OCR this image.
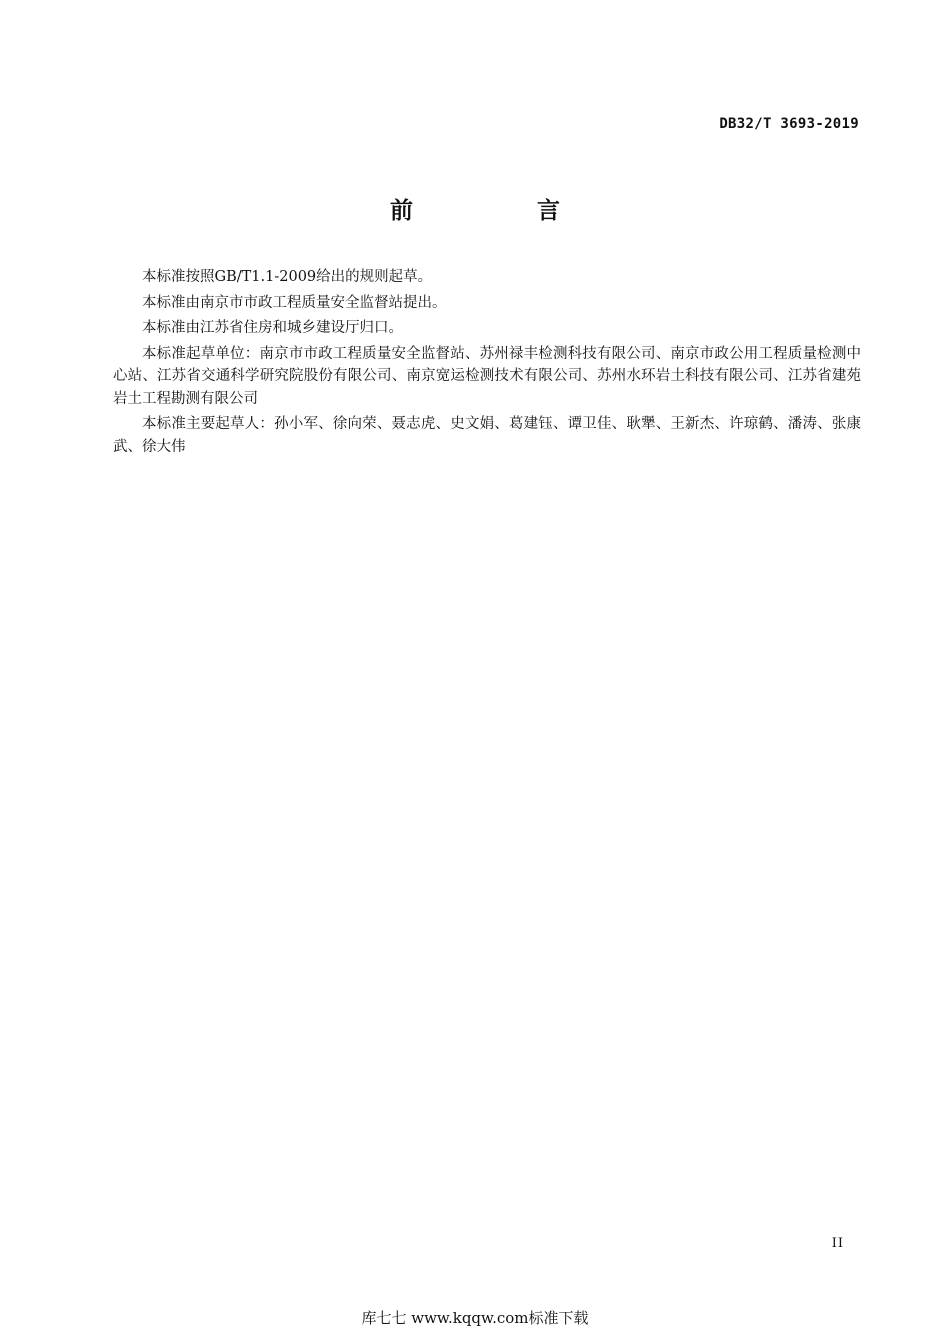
DB32/T 3693-2019
前 言

本标准按照GB/T1.1-2009给出的规则起草。

本标准由南京市市政工程质量安全监督站提出。

本标准由江苏省住房和城乡建设厅归口。

本标准起草单位：南京市市政工程质量安全监督站、苏州禄丰检测科技有限公司、南京市政公用工程质量检测中心站、江苏省交通科学研究院股份有限公司、南京宽运检测技术有限公司、苏州水环岩土科技有限公司、江苏省建苑岩土工程勘测有限公司

本标准主要起草人：孙小军、徐向荣、聂志虎、史文娟、葛建钰、谭卫佳、耿犟、王新杰、许琼鹤、潘涛、张康武、徐大伟

II
库七七 www.kqqw.com标准下载
